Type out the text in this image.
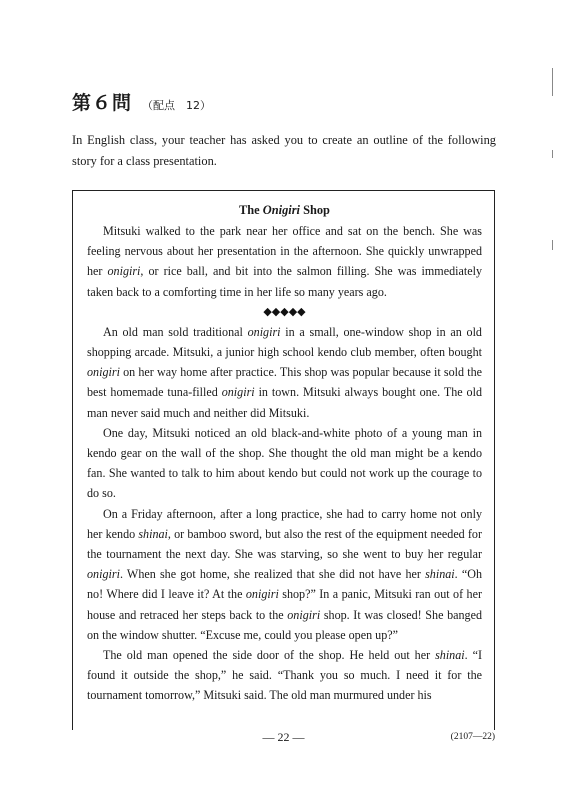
第６問 （配点　12）

In English class, your teacher has asked you to create an outline of the following story for a class presentation.

The Onigiri Shop

Mitsuki walked to the park near her office and sat on the bench. She was feeling nervous about her presentation in the afternoon. She quickly unwrapped her onigiri, or rice ball, and bit into the salmon filling. She was immediately taken back to a comforting time in her life so many years ago.

◆◆◆◆◆

An old man sold traditional onigiri in a small, one-window shop in an old shopping arcade. Mitsuki, a junior high school kendo club member, often bought onigiri on her way home after practice. This shop was popular because it sold the best homemade tuna-filled onigiri in town. Mitsuki always bought one. The old man never said much and neither did Mitsuki.

One day, Mitsuki noticed an old black-and-white photo of a young man in kendo gear on the wall of the shop. She thought the old man might be a kendo fan. She wanted to talk to him about kendo but could not work up the courage to do so.

On a Friday afternoon, after a long practice, she had to carry home not only her kendo shinai, or bamboo sword, but also the rest of the equipment needed for the tournament the next day. She was starving, so she went to buy her regular onigiri. When she got home, she realized that she did not have her shinai. “Oh no! Where did I leave it? At the onigiri shop?” In a panic, Mitsuki ran out of her house and retraced her steps back to the onigiri shop. It was closed! She banged on the window shutter. “Excuse me, could you please open up?”

The old man opened the side door of the shop. He held out her shinai. “I found it outside the shop,” he said. “Thank you so much. I need it for the tournament tomorrow,” Mitsuki said. The old man murmured under his

— 22 —	(2107—22)
